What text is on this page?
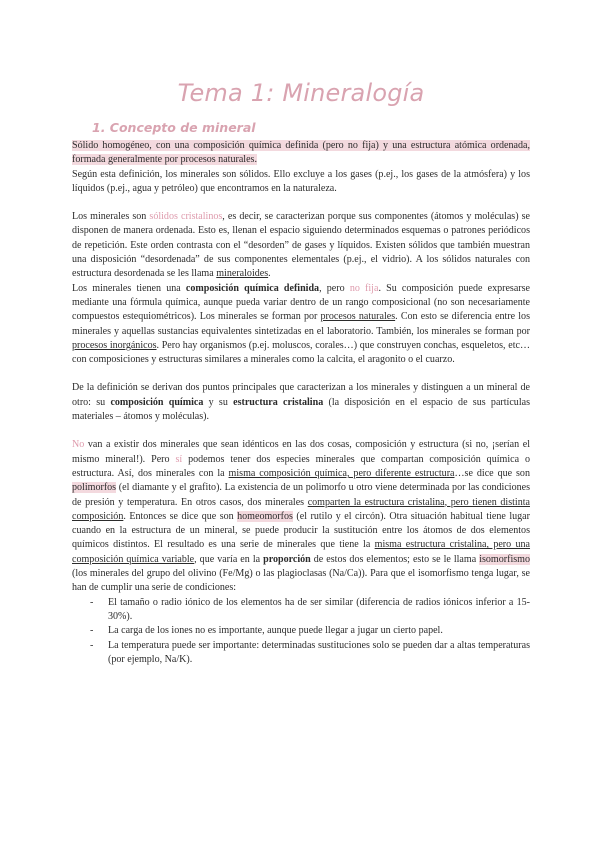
Tema 1: Mineralogía
1. Concepto de mineral

Sólido homogéneo, con una composición química definida (pero no fija) y una estructura atómica ordenada, formada generalmente por procesos naturales.

Según esta definición, los minerales son sólidos. Ello excluye a los gases (p.ej., los gases de la atmósfera) y los líquidos (p.ej., agua y petróleo) que encontramos en la naturaleza.

Los minerales son sólidos cristalinos, es decir, se caracterizan porque sus componentes (átomos y moléculas) se disponen de manera ordenada. Esto es, llenan el espacio siguiendo determinados esquemas o patrones periódicos de repetición. Este orden contrasta con el “desorden” de gases y líquidos. Existen sólidos que también muestran una disposición “desordenada” de sus componentes elementales (p.ej., el vidrio). A los sólidos naturales con estructura desordenada se les llama mineraloides.

Los minerales tienen una composición química definida, pero no fija. Su composición puede expresarse mediante una fórmula química, aunque pueda variar dentro de un rango composicional (no son necesariamente compuestos estequiométricos). Los minerales se forman por procesos naturales. Con esto se diferencia entre los minerales y aquellas sustancias equivalentes sintetizadas en el laboratorio. También, los minerales se forman por procesos inorgánicos. Pero hay organismos (p.ej. moluscos, corales…) que construyen conchas, esqueletos, etc…con composiciones y estructuras similares a minerales como la calcita, el aragonito o el cuarzo.

De la definición se derivan dos puntos principales que caracterizan a los minerales y distinguen a un mineral de otro: su composición química y su estructura cristalina (la disposición en el espacio de sus partículas materiales – átomos y moléculas).

No van a existir dos minerales que sean idénticos en las dos cosas, composición y estructura (si no, ¡serían el mismo mineral!). Pero sí podemos tener dos especies minerales que compartan composición química o estructura. Así, dos minerales con la misma composición química, pero diferente estructura…se dice que son polimorfos (el diamante y el grafito). La existencia de un polimorfo u otro viene determinada por las condiciones de presión y temperatura. En otros casos, dos minerales comparten la estructura cristalina, pero tienen distinta composición. Entonces se dice que son homeomorfos (el rutilo y el circón). Otra situación habitual tiene lugar cuando en la estructura de un mineral, se puede producir la sustitución entre los átomos de dos elementos químicos distintos. El resultado es una serie de minerales que tiene la misma estructura cristalina, pero una composición química variable, que varía en la proporción de estos dos elementos; esto se le llama isomorfismo (los minerales del grupo del olivino (Fe/Mg) o las plagioclasas (Na/Ca)). Para que el isomorfismo tenga lugar, se han de cumplir una serie de condiciones:

- El tamaño o radio iónico de los elementos ha de ser similar (diferencia de radios iónicos inferior a 15-30%).
- La carga de los iones no es importante, aunque puede llegar a jugar un cierto papel.
- La temperatura puede ser importante: determinadas sustituciones solo se pueden dar a altas temperaturas (por ejemplo, Na/K).
